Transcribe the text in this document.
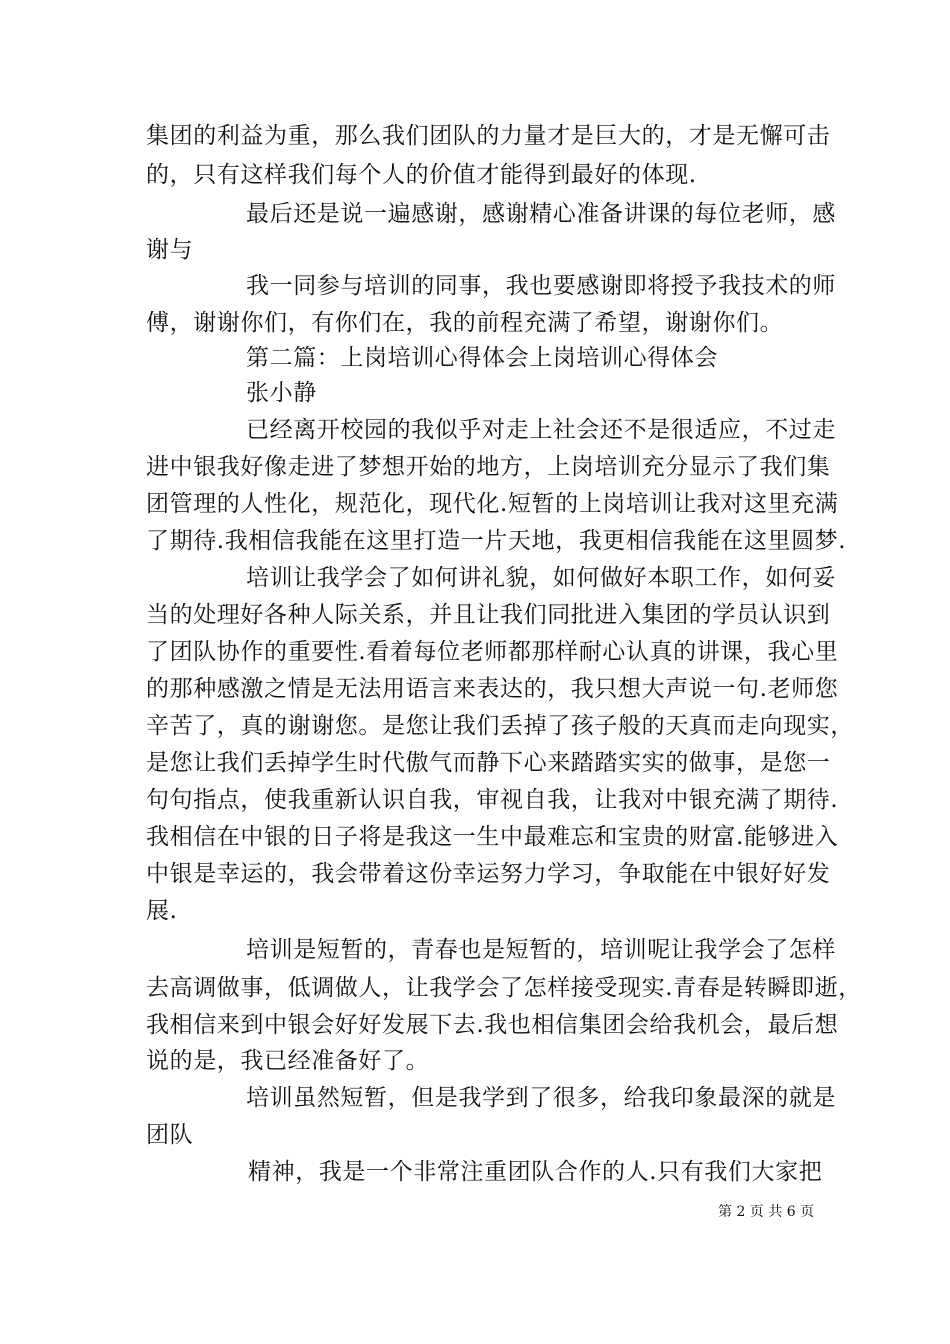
集团的利益为重，那么我们团队的力量才是巨大的，才是无懈可击
的，只有这样我们每个人的价值才能得到最好的体现.
最后还是说一遍感谢，感谢精心准备讲课的每位老师，感
谢与
我一同参与培训的同事，我也要感谢即将授予我技术的师
傅，谢谢你们，有你们在，我的前程充满了希望，谢谢你们。
第二篇：上岗培训心得体会上岗培训心得体会
张小静
已经离开校园的我似乎对走上社会还不是很适应，不过走
进中银我好像走进了梦想开始的地方，上岗培训充分显示了我们集
团管理的人性化，规范化，现代化.短暂的上岗培训让我对这里充满
了期待.我相信我能在这里打造一片天地，我更相信我能在这里圆梦.
培训让我学会了如何讲礼貌，如何做好本职工作，如何妥
当的处理好各种人际关系，并且让我们同批进入集团的学员认识到
了团队协作的重要性.看着每位老师都那样耐心认真的讲课，我心里
的那种感激之情是无法用语言来表达的，我只想大声说一句.老师您
辛苦了，真的谢谢您。是您让我们丢掉了孩子般的天真而走向现实，
是您让我们丢掉学生时代傲气而静下心来踏踏实实的做事，是您一
句句指点，使我重新认识自我，审视自我，让我对中银充满了期待.
我相信在中银的日子将是我这一生中最难忘和宝贵的财富.能够进入
中银是幸运的，我会带着这份幸运努力学习，争取能在中银好好发
展.
培训是短暂的，青春也是短暂的，培训呢让我学会了怎样
去高调做事，低调做人，让我学会了怎样接受现实.青春是转瞬即逝，
我相信来到中银会好好发展下去.我也相信集团会给我机会，最后想
说的是，我已经准备好了。
培训虽然短暂，但是我学到了很多，给我印象最深的就是
团队
精神，我是一个非常注重团队合作的人.只有我们大家把
第 2 页 共 6 页
